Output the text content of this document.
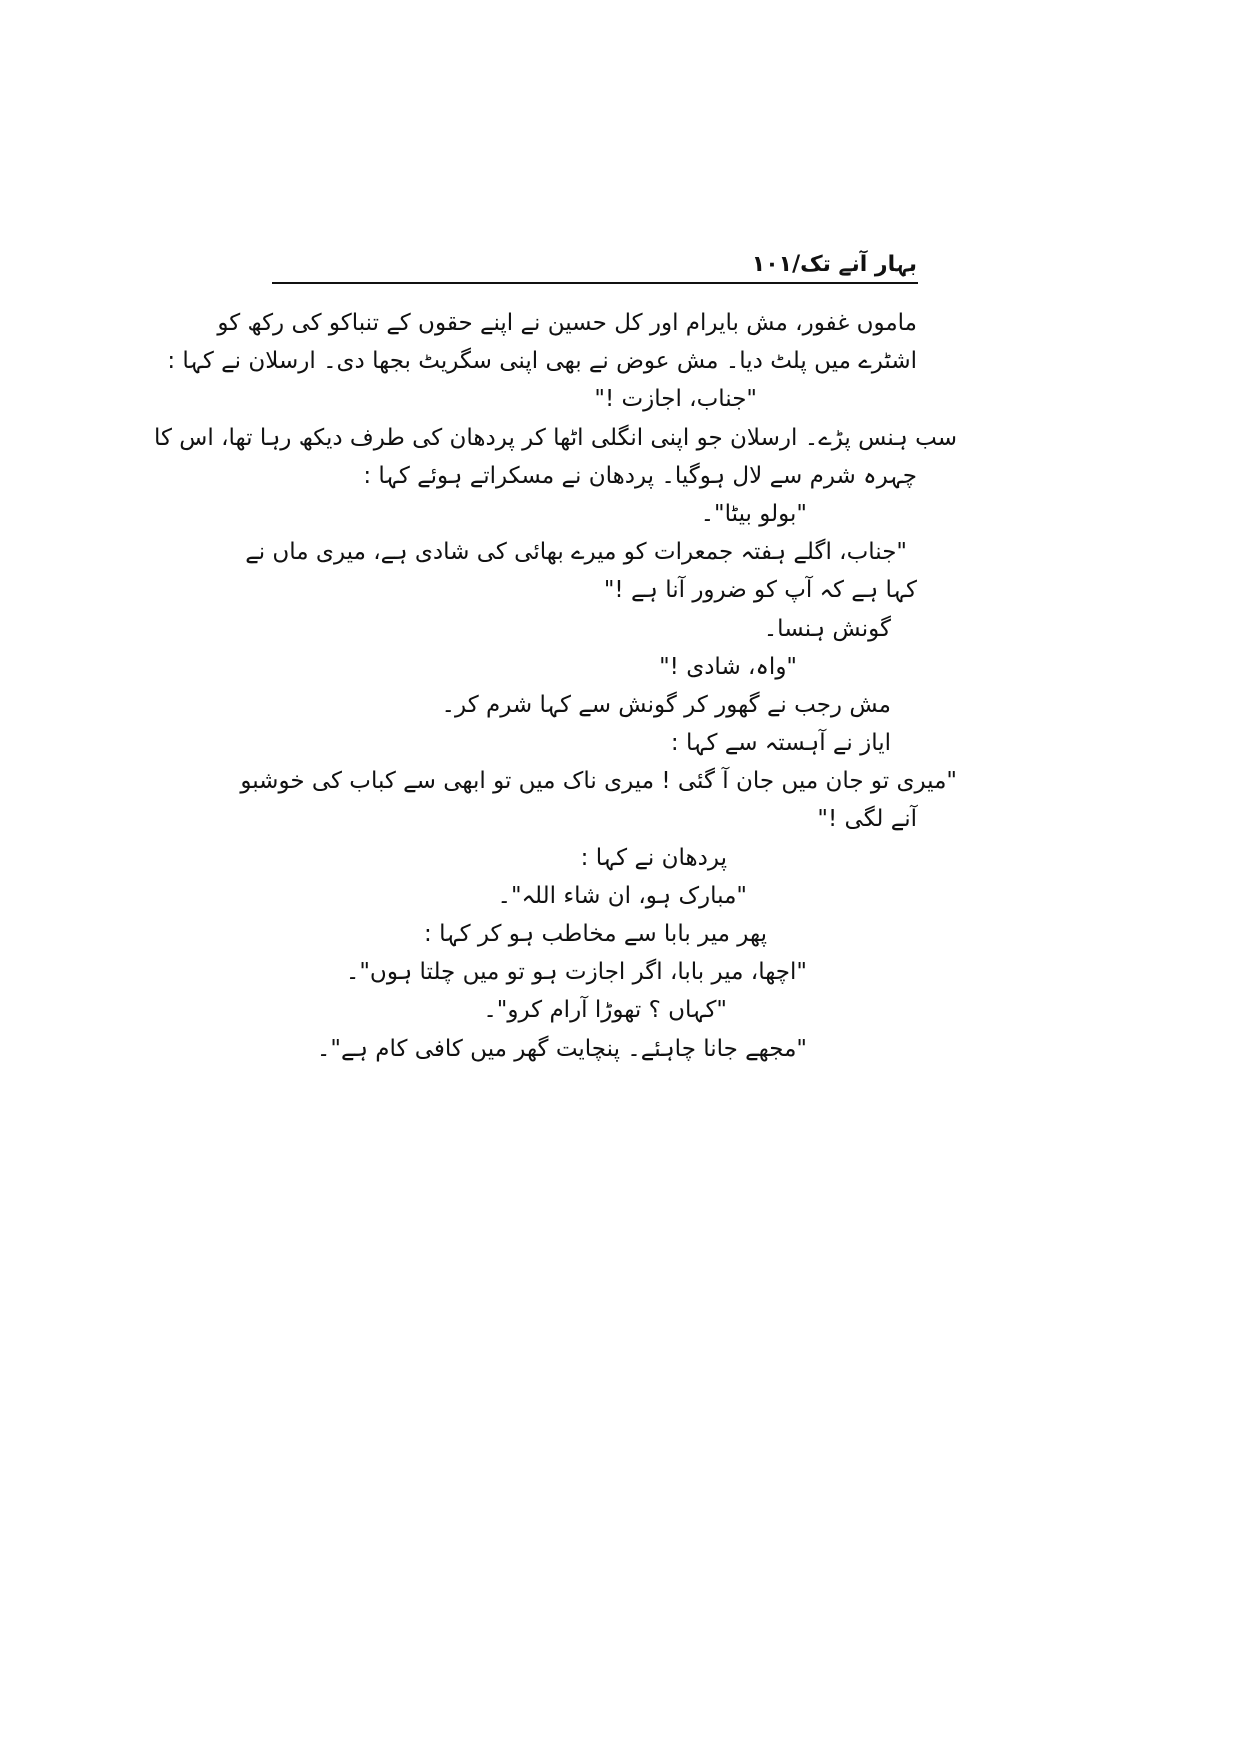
بہار آنے تک/۱۰۱
ماموں غفور، مش بایرام اور کل حسین نے اپنے حقوں کے تنباکو کی رکھ کو
اشٹرے میں پلٹ دیا۔ مش عوض نے بھی اپنی سگریٹ بجھا دی۔ ارسلان نے کہا :
"جناب، اجازت !"
سب ہنس پڑے۔ ارسلان جو اپنی انگلی اٹھا کر پردھان کی طرف دیکھ رہا تھا، اس کا
چہرہ شرم سے لال ہوگیا۔ پردھان نے مسکراتے ہوئے کہا :
"بولو بیٹا"۔
"جناب، اگلے ہفتہ جمعرات کو میرے بھائی کی شادی ہے، میری ماں نے
کہا ہے کہ آپ کو ضرور آنا ہے !"
گونش ہنسا۔
"واہ، شادی !"
مش رجب نے گھور کر گونش سے کہا شرم کر۔
ایاز نے آہستہ سے کہا :
"میری تو جان میں جان آ گئی ! میری ناک میں تو ابھی سے کباب کی خوشبو
آنے لگی !"
پردھان نے کہا :
"مبارک ہو، ان شاء اللہ"۔
پھر میر بابا سے مخاطب ہو کر کہا :
"اچھا، میر بابا، اگر اجازت ہو تو میں چلتا ہوں"۔
"کہاں ؟ تھوڑا آرام کرو"۔
"مجھے جانا چاہئے۔ پنچایت گھر میں کافی کام ہے"۔
